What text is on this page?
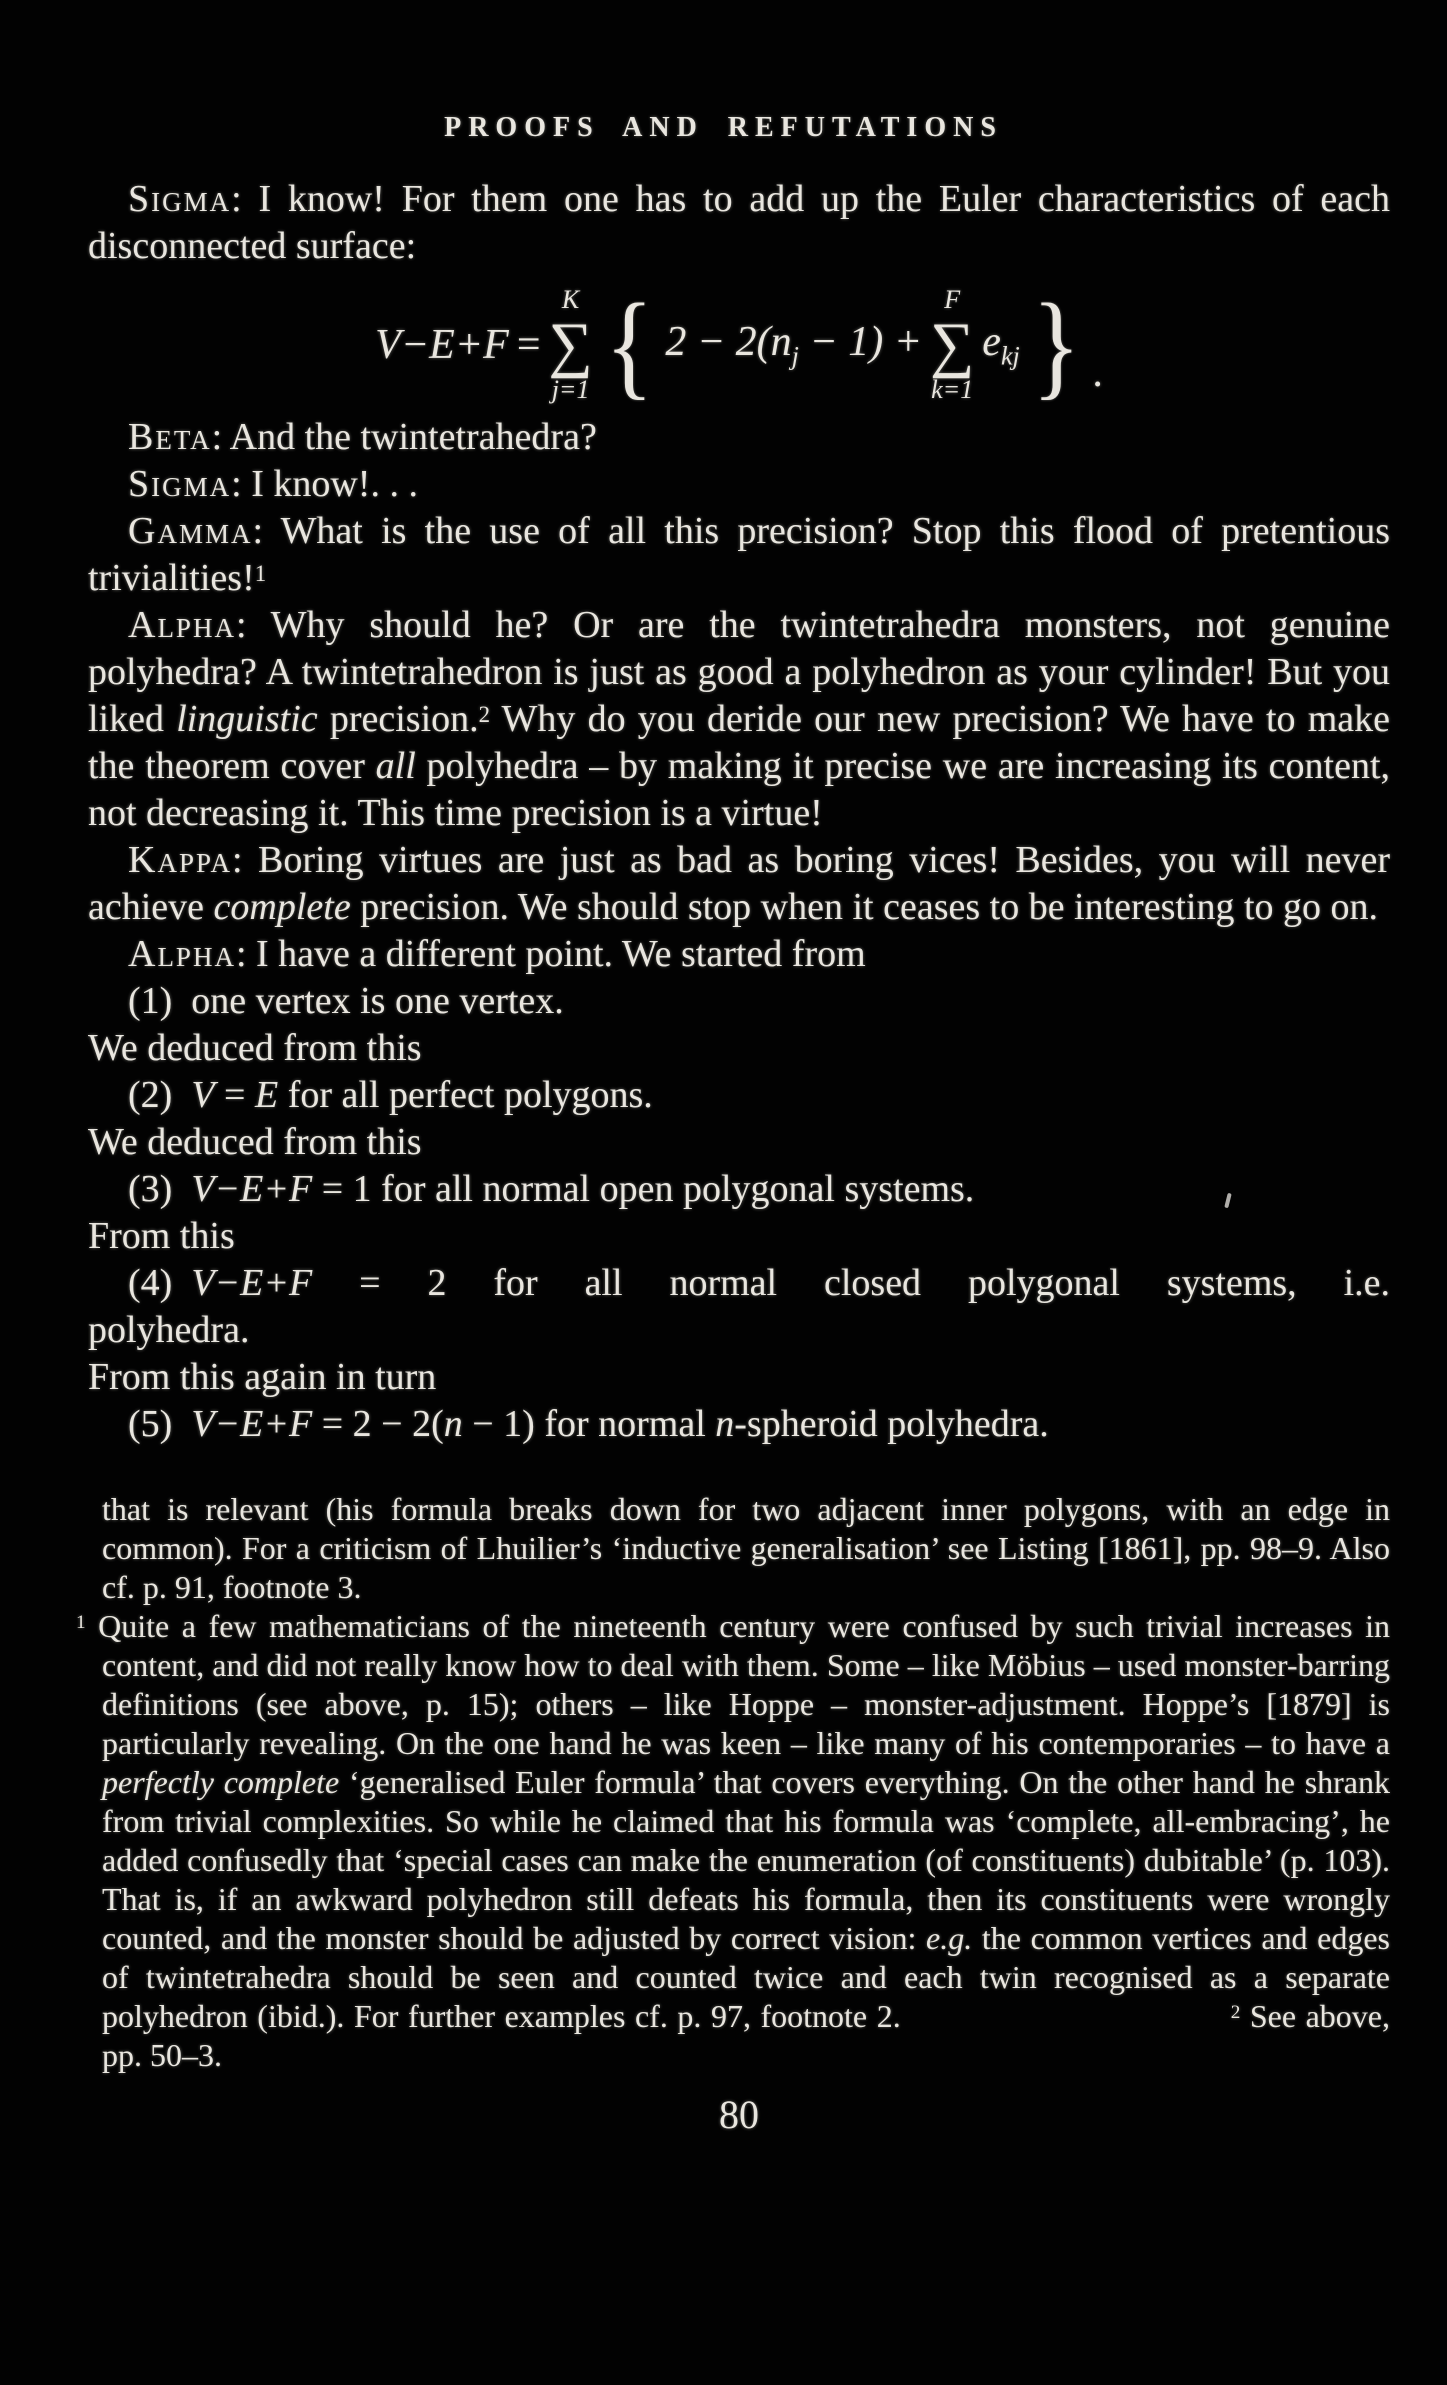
PROOFS AND REFUTATIONS

Sigma: I know! For them one has to add up the Euler characteristics of each disconnected surface:

V−E+F =
K
∑
j=1 { $2 - 2(n_j - 1)$ +
F
∑
k=1
$e_{kj}$ } .

Beta: And the twintetrahedra?

Sigma: I know!. . .

Gamma: What is the use of all this precision? Stop this flood of pretentious trivialities!$^1$

Alpha: Why should he? Or are the twintetrahedra monsters, not genuine polyhedra? A twintetrahedron is just as good a polyhedron as your cylinder! But you liked linguistic precision.$^2$ Why do you deride our new precision? We have to make the theorem cover all polyhedra – by making it precise we are increasing its content, not decreasing it. This time precision is a virtue!

Kappa: Boring virtues are just as bad as boring vices! Besides, you will never achieve complete precision. We should stop when it ceases to be interesting to go on.

Alpha: I have a different point. We started from

(1) one vertex is one vertex.

We deduced from this

(2) V = E for all perfect polygons.

We deduced from this

(3) V−E+F = 1 for all normal open polygonal systems.

From this

(4) V−E+F = 2 for all normal closed polygonal systems, i.e.

polyhedra.

From this again in turn

(5) V−E+F = 2 − 2(n − 1) for normal n-spheroid polyhedra.

that is relevant (his formula breaks down for two adjacent inner polygons, with an edge in common). For a criticism of Lhuilier’s ‘inductive generalisation’ see Listing [1861], pp. 98–9. Also cf. p. 91, footnote 3.

$^1$ Quite a few mathematicians of the nineteenth century were confused by such trivial increases in content, and did not really know how to deal with them. Some – like Möbius – used monster-barring definitions (see above, p. 15); others – like Hoppe – monster-adjustment. Hoppe’s [1879] is particularly revealing. On the one hand he was keen – like many of his contemporaries – to have a perfectly complete ‘generalised Euler formula’ that covers everything. On the other hand he shrank from trivial complexities. So while he claimed that his formula was ‘complete, all-embracing’, he added confusedly that ‘special cases can make the enumeration (of constituents) dubitable’ (p. 103). That is, if an awkward polyhedron still defeats his formula, then its constituents were wrongly counted, and the monster should be adjusted by correct vision: e.g. the common vertices and edges of twintetrahedra should be seen and counted twice and each twin recognised as a separate polyhedron (ibid.). For further examples cf. p. 97, footnote 2.	$^2$ See above, pp. 50–3.

80
